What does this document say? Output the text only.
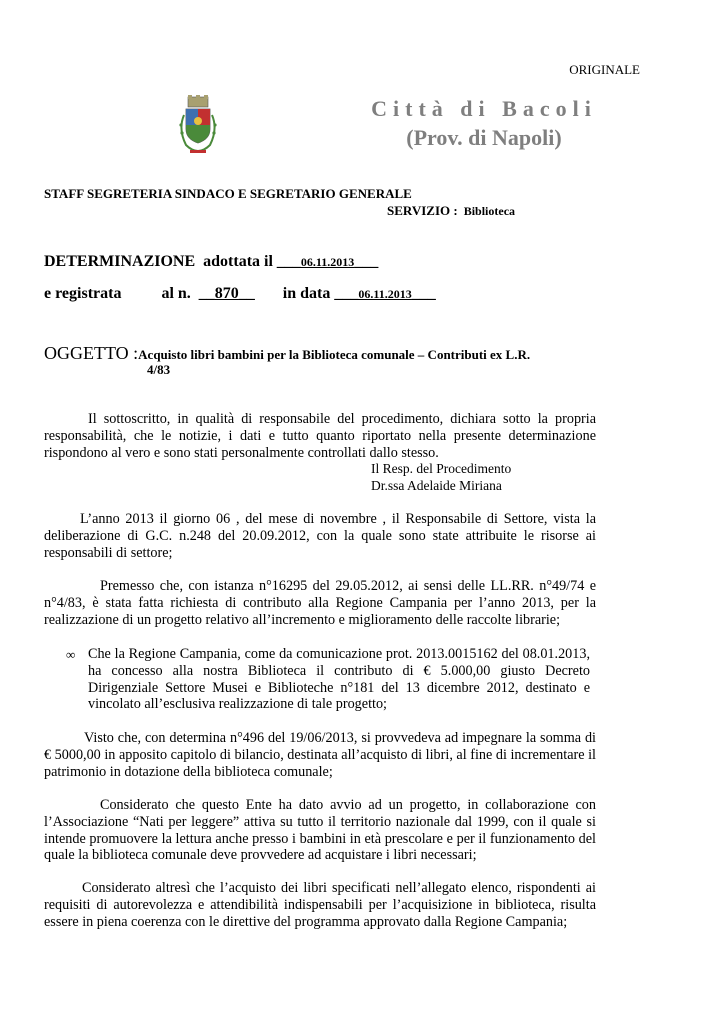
ORIGINALE
Città di Bacoli
(Prov. di Napoli)
STAFF SEGRETERIA SINDACO E SEGRETARIO GENERALE
SERVIZIO : Biblioteca
DETERMINAZIONE  adottata il ___06.11.2013___
e registrata	al n. __870__ in data ___06.11.2013___
OGGETTO :Acquisto libri bambini per la Biblioteca comunale – Contributi ex L.R.
4/83
Il sottoscritto, in qualità di responsabile del procedimento, dichiara sotto la propria responsabilità, che le notizie, i dati e tutto quanto riportato nella presente determinazione rispondono al vero e sono stati personalmente controllati dallo stesso.
Il Resp. del Procedimento
Dr.ssa Adelaide Miriana
L’anno 2013 il giorno 06 , del mese di novembre , il Responsabile di Settore, vista la deliberazione di G.C. n.248 del 20.09.2012, con la quale sono state attribuite le risorse ai responsabili di settore;
Premesso che, con istanza n°16295 del 29.05.2012, ai sensi delle LL.RR. n°49/74 e n°4/83, è stata fatta richiesta di contributo alla Regione Campania per l’anno 2013, per la realizzazione di un progetto relativo all’incremento e miglioramento delle raccolte librarie;
∞ Che la Regione Campania, come da comunicazione prot. 2013.0015162 del 08.01.2013, ha concesso alla nostra Biblioteca il contributo di € 5.000,00 giusto Decreto Dirigenziale Settore Musei e Biblioteche n°181 del 13 dicembre 2012, destinato e vincolato all’esclusiva realizzazione di tale progetto;
Visto che, con determina n°496 del 19/06/2013, si provvedeva ad impegnare la somma di € 5000,00 in apposito capitolo di bilancio, destinata all’acquisto di libri, al fine di incrementare il patrimonio in dotazione della biblioteca comunale;
Considerato che questo Ente ha dato avvio ad un progetto, in collaborazione con l’Associazione “Nati per leggere” attiva su tutto il territorio nazionale dal 1999, con il quale si intende promuovere la lettura anche presso i bambini in età prescolare e per il funzionamento del quale la biblioteca comunale deve provvedere ad acquistare i libri necessari;
Considerato altresì che l’acquisto dei libri specificati nell’allegato elenco, rispondenti ai requisiti di autorevolezza e attendibilità indispensabili per l’acquisizione in biblioteca, risulta essere in piena coerenza con le direttive del programma approvato dalla Regione Campania;
